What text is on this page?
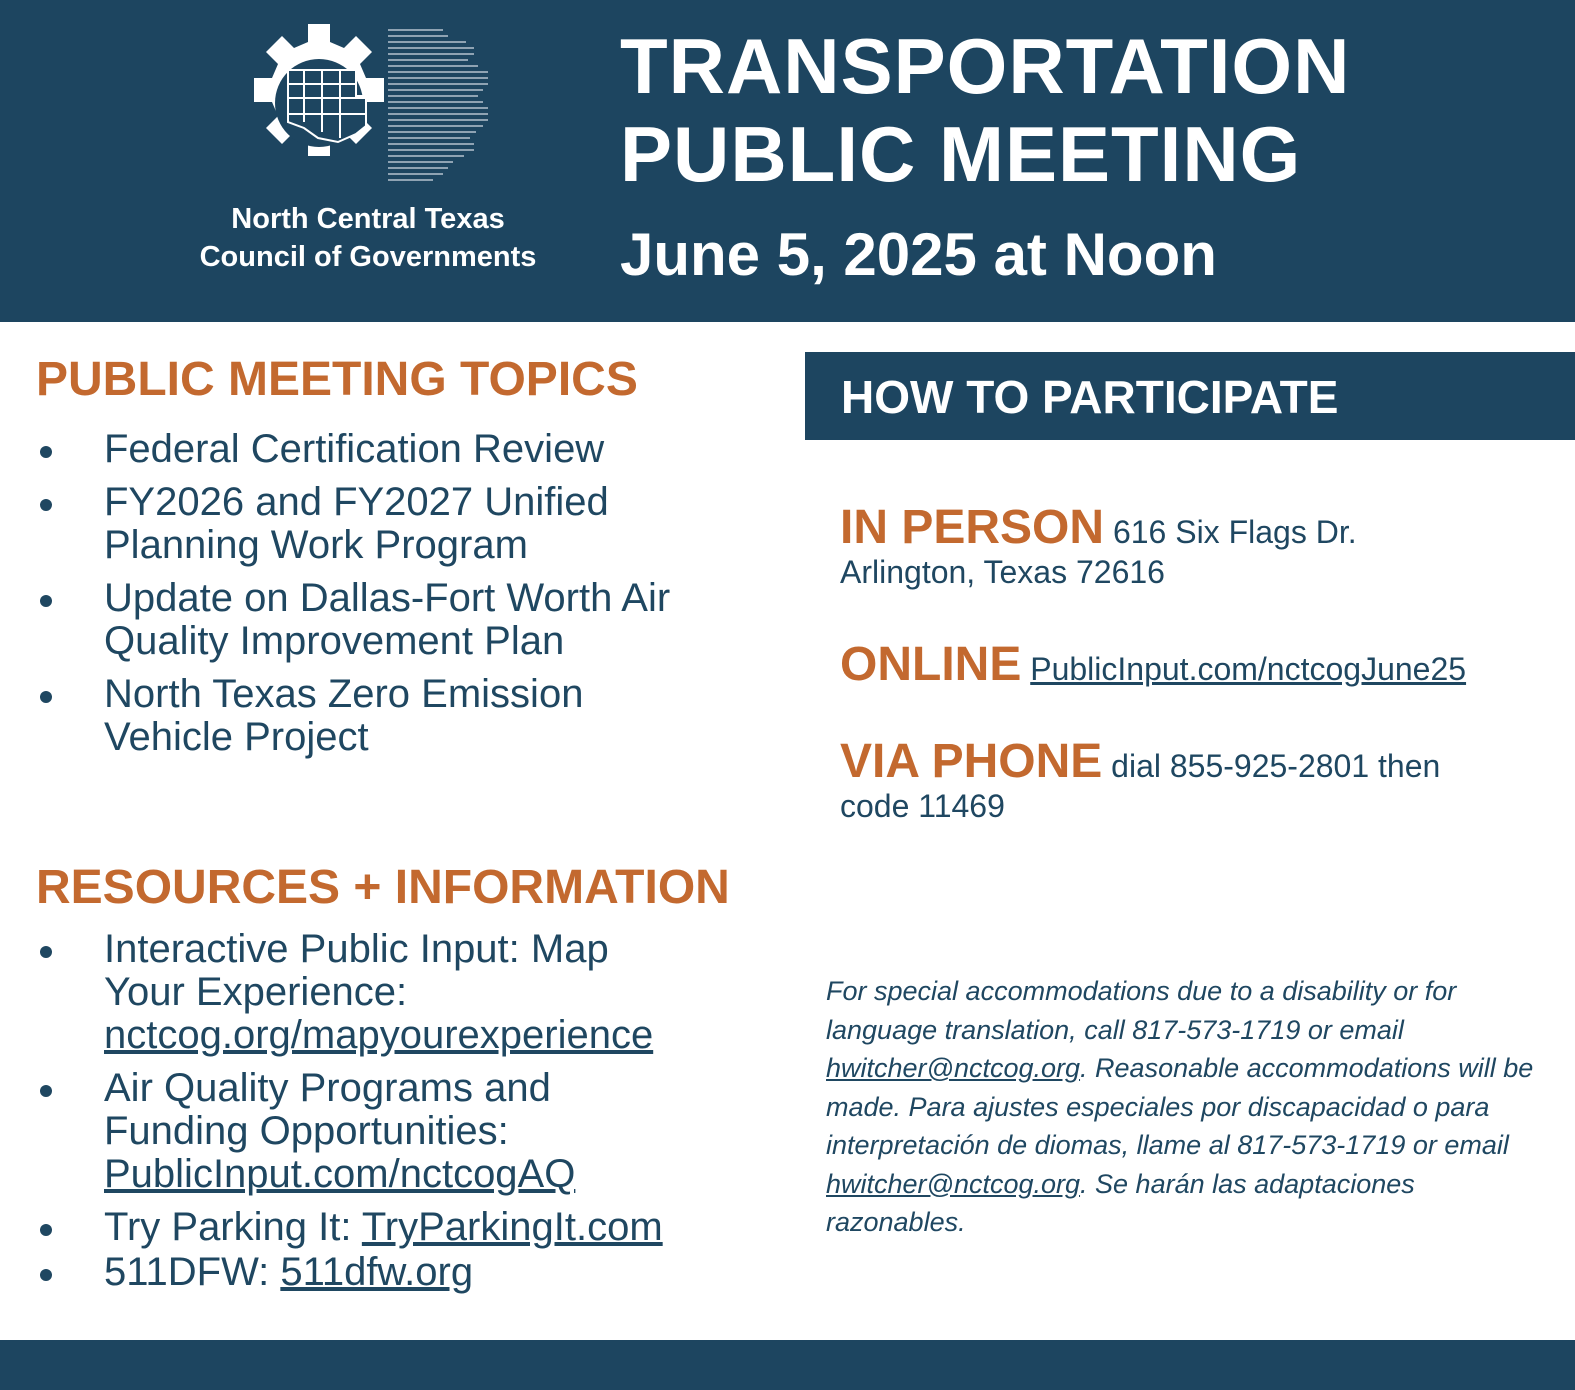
North Central Texas
Council of Governments
TRANSPORTATION
PUBLIC MEETING
June 5, 2025 at Noon
PUBLIC MEETING TOPICS
Federal Certification Review
FY2026 and FY2027 Unified
Planning Work Program
Update on Dallas-Fort Worth Air
Quality Improvement Plan
North Texas Zero Emission
Vehicle Project
RESOURCES + INFORMATION
Interactive Public Input: Map
Your Experience:
nctcog.org/mapyourexperience
Air Quality Programs and
Funding Opportunities:
PublicInput.com/nctcogAQ
Try Parking It: TryParkingIt.com
511DFW: 511dfw.org
HOW TO PARTICIPATE
IN PERSON 616 Six Flags Dr.
Arlington, Texas 72616
ONLINE PublicInput.com/nctcogJune25
VIA PHONE dial 855-925-2801 then
code 11469
For special accommodations due to a disability or for language translation, call 817-573-1719 or email hwitcher@nctcog.org. Reasonable accommodations will be made. Para ajustes especiales por discapacidad o para interpretación de diomas, llame al 817-573-1719 or email hwitcher@nctcog.org. Se harán las adaptaciones razonables.
